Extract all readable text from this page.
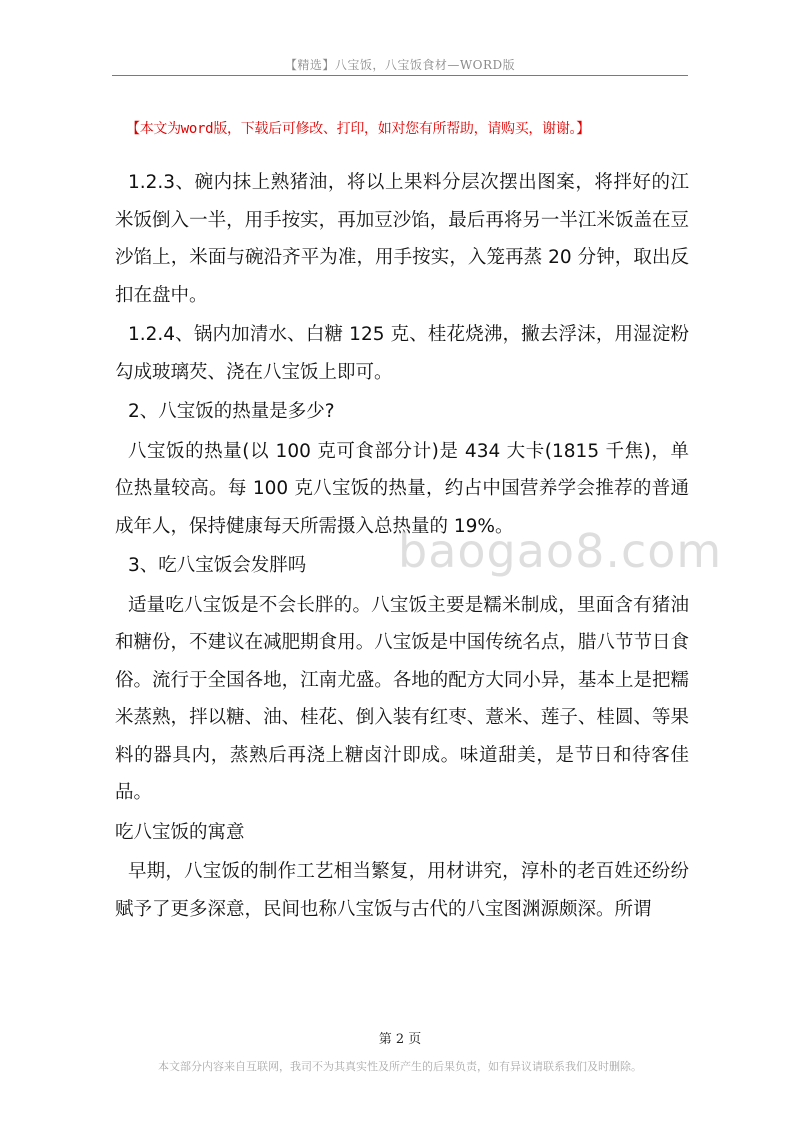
【精选】八宝饭，八宝饭食材—WORD版
【本文为word版，下载后可修改、打印，如对您有所帮助，请购买，谢谢。】

1.2.3、碗内抹上熟猪油，将以上果料分层次摆出图案，将拌好的江米饭倒入一半，用手按实，再加豆沙馅，最后再将另一半江米饭盖在豆沙馅上，米面与碗沿齐平为准，用手按实，入笼再蒸 20 分钟，取出反扣在盘中。

1.2.4、锅内加清水、白糖 125 克、桂花烧沸，撇去浮沫，用湿淀粉勾成玻璃芡、浇在八宝饭上即可。

2、八宝饭的热量是多少?

八宝饭的热量(以 100 克可食部分计)是 434 大卡(1815 千焦)，单位热量较高。每 100 克八宝饭的热量，约占中国营养学会推荐的普通成年人，保持健康每天所需摄入总热量的 19%。

3、吃八宝饭会发胖吗

适量吃八宝饭是不会长胖的。八宝饭主要是糯米制成，里面含有猪油和糖份，不建议在减肥期食用。八宝饭是中国传统名点，腊八节节日食俗。流行于全国各地，江南尤盛。各地的配方大同小异，基本上是把糯米蒸熟，拌以糖、油、桂花、倒入装有红枣、薏米、莲子、桂圆、等果料的器具内，蒸熟后再浇上糖卤汁即成。味道甜美，是节日和待客佳品。

吃八宝饭的寓意

早期，八宝饭的制作工艺相当繁复，用材讲究，淳朴的老百姓还纷纷赋予了更多深意，民间也称八宝饭与古代的八宝图渊源颇深。所谓

baogao8.com
第 2 页
本文部分内容来自互联网，我司不为其真实性及所产生的后果负责，如有异议请联系我们及时删除。
